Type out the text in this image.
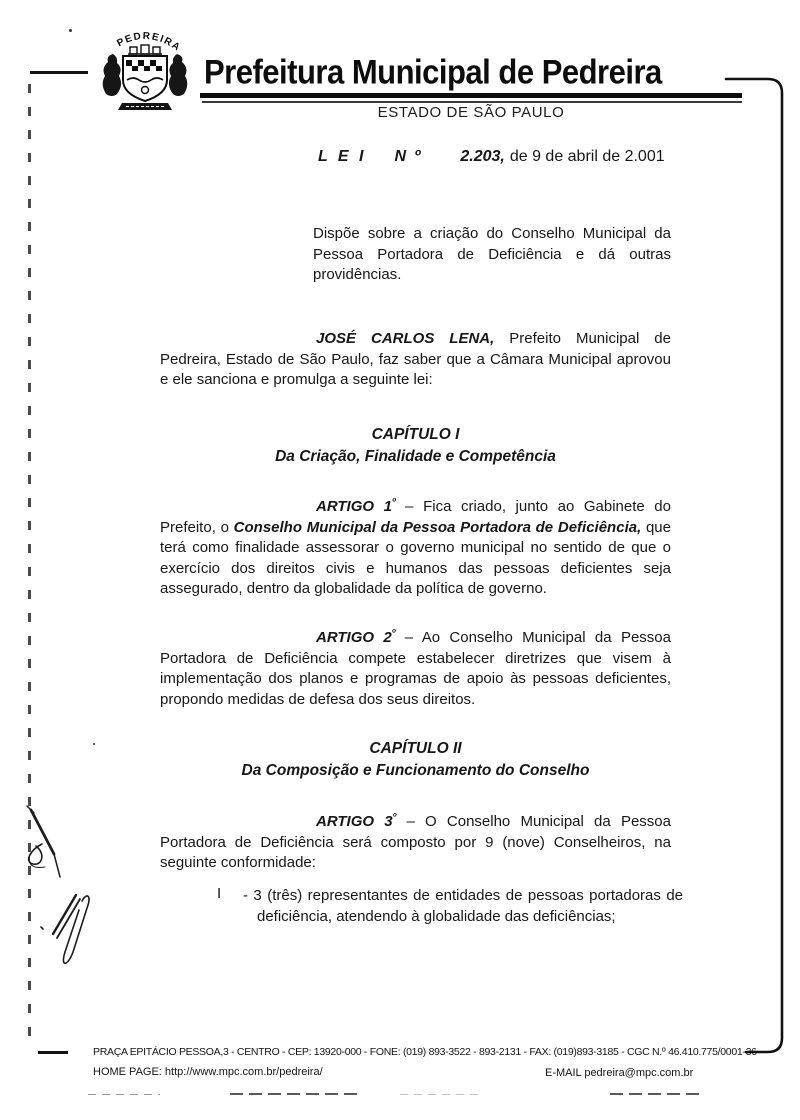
PEDREIRA
Prefeitura Municipal de Pedreira
ESTADO DE SÃO PAULO
L E I N º 2.203, de 9 de abril de 2.001

Dispõe sobre a criação do Conselho Municipal da Pessoa Portadora de Deficiência e dá outras providências.

JOSÉ CARLOS LENA, Prefeito Municipal de Pedreira, Estado de São Paulo, faz saber que a Câmara Municipal aprovou e ele sanciona e promulga a seguinte lei:

CAPÍTULO I
Da Criação, Finalidade e Competência

ARTIGO $1^º$ – Fica criado, junto ao Gabinete do Prefeito, o Conselho Municipal da Pessoa Portadora de Deficiência, que terá como finalidade assessorar o governo municipal no sentido de que o exercício dos direitos civis e humanos das pessoas deficientes seja assegurado, dentro da globalidade da política de governo.

ARTIGO $2^º$ – Ao Conselho Municipal da Pessoa Portadora de Deficiência compete estabelecer diretrizes que visem à implementação dos planos e programas de apoio às pessoas deficientes, propondo medidas de defesa dos seus direitos.

CAPÍTULO II
Da Composição e Funcionamento do Conselho

ARTIGO $3^º$ – O Conselho Municipal da Pessoa Portadora de Deficiência será composto por 9 (nove) Conselheiros, na seguinte conformidade:

I - 3 (três) representantes de entidades de pessoas portadoras de deficiência, atendendo à globalidade das deficiências;
PRAÇA EPITÁCIO PESSOA,3 - CENTRO - CEP: 13920-000 - FONE: (019) 893-3522 - 893-2131 - FAX: (019)893-3185 - CGC N.º 46.410.775/0001-36
HOME PAGE: http://www.mpc.com.br/pedreira/	E-MAIL pedreira@mpc.com.br
